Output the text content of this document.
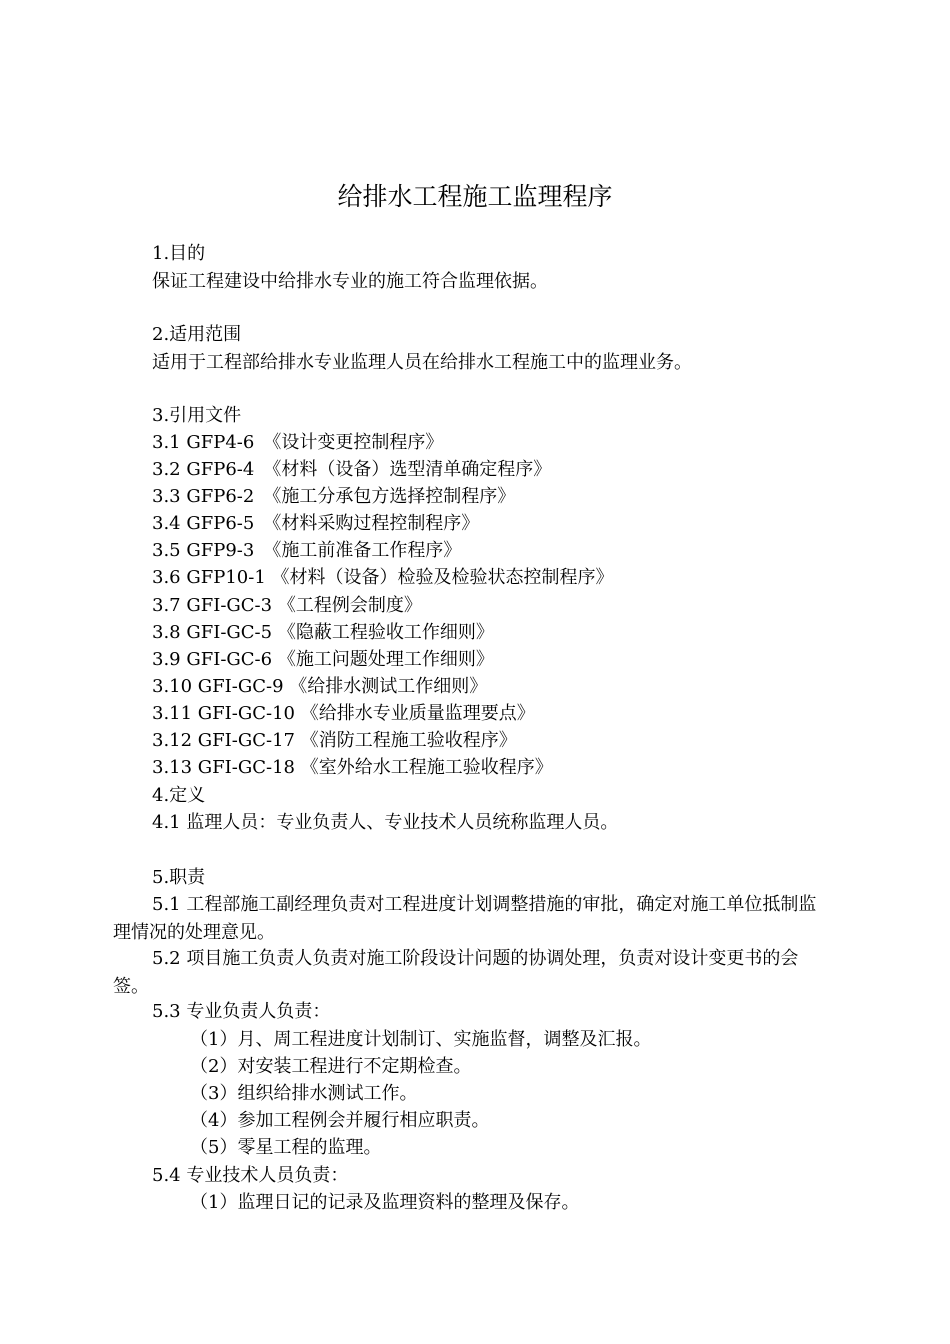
给排水工程施工监理程序
1.目的
保证工程建设中给排水专业的施工符合监理依据。
2.适用范围
适用于工程部给排水专业监理人员在给排水工程施工中的监理业务。
3.引用文件
3.1 GFP4-6　《设计变更控制程序》
3.2 GFP6-4　《材料（设备）选型清单确定程序》
3.3 GFP6-2　《施工分承包方选择控制程序》
3.4 GFP6-5　《材料采购过程控制程序》
3.5 GFP9-3　《施工前准备工作程序》
3.6 GFP10-1 《材料（设备）检验及检验状态控制程序》
3.7 GFI-GC-3 《工程例会制度》
3.8 GFI-GC-5 《隐蔽工程验收工作细则》
3.9 GFI-GC-6 《施工问题处理工作细则》
3.10 GFI-GC-9 《给排水测试工作细则》
3.11 GFI-GC-10 《给排水专业质量监理要点》
3.12 GFI-GC-17 《消防工程施工验收程序》
3.13 GFI-GC-18 《室外给水工程施工验收程序》
4.定义
4.1 监理人员：专业负责人、专业技术人员统称监理人员。
5.职责
5.1 工程部施工副经理负责对工程进度计划调整措施的审批，确定对施工单位抵制监理情况的处理意见。
5.2 项目施工负责人负责对施工阶段设计问题的协调处理，负责对设计变更书的会签。
5.3 专业负责人负责：
（1）月、周工程进度计划制订、实施监督，调整及汇报。
（2）对安装工程进行不定期检查。
（3）组织给排水测试工作。
（4）参加工程例会并履行相应职责。
（5）零星工程的监理。
5.4 专业技术人员负责：
（1）监理日记的记录及监理资料的整理及保存。
